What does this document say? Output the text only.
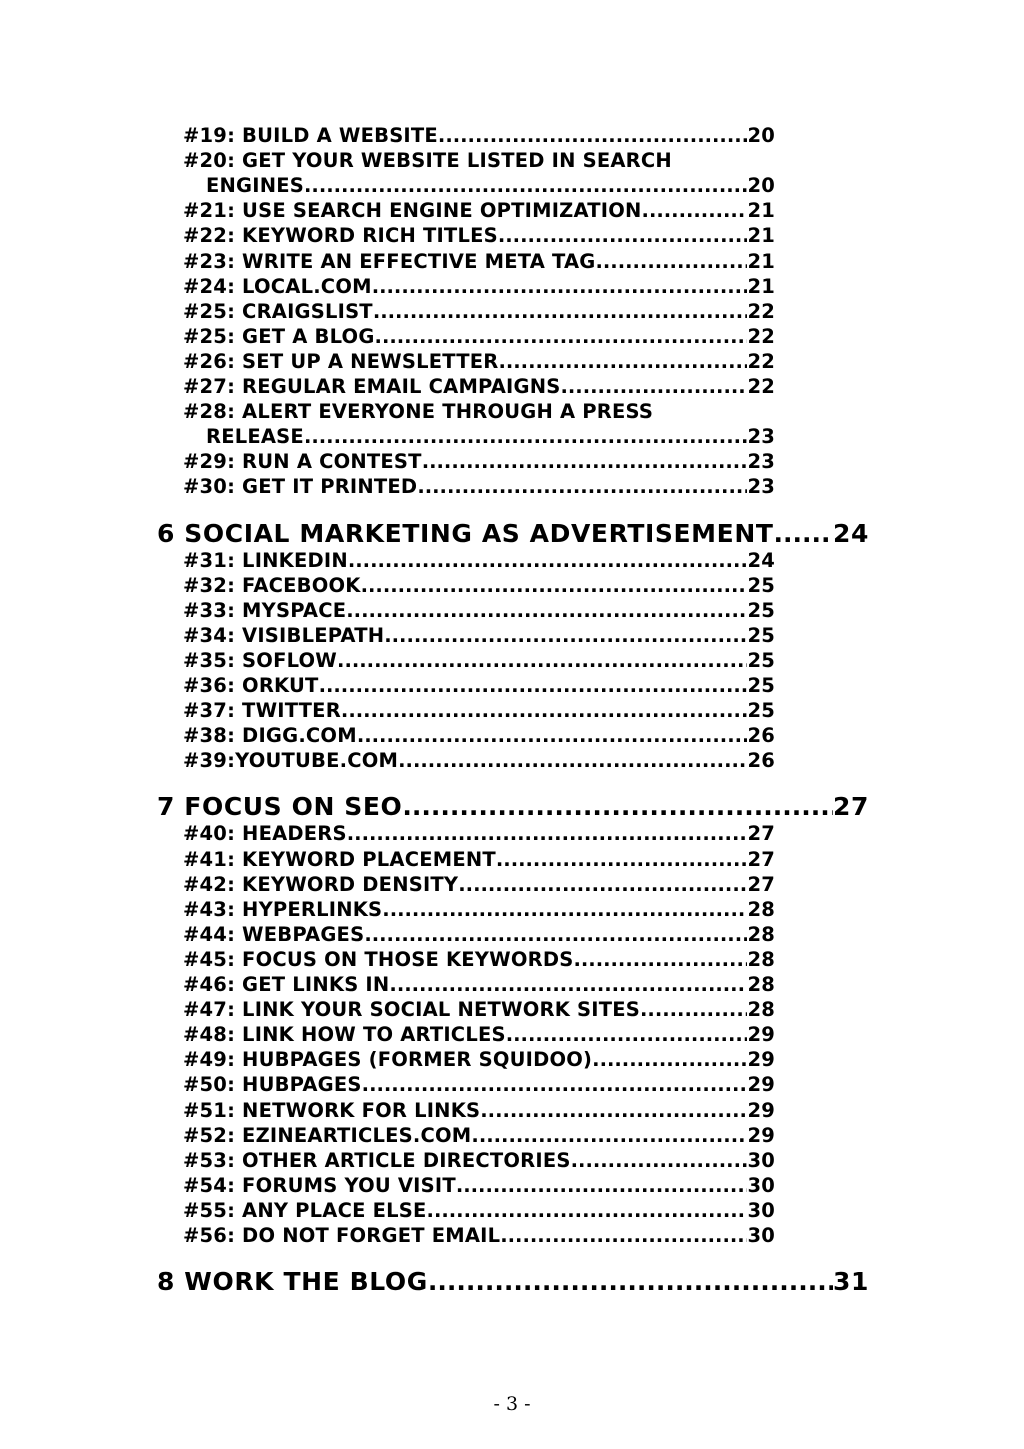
#19: BUILD A WEBSITE .....	20
#20: GET YOUR WEBSITE LISTED IN SEARCH
ENGINES .....	20
#21: USE SEARCH ENGINE OPTIMIZATION .....	21
#22: KEYWORD RICH TITLES .....	21
#23: WRITE AN EFFECTIVE META TAG .....	21
#24: LOCAL.COM .....	21
#25: CRAIGSLIST .....	22
#25: GET A BLOG .....	22
#26: SET UP A NEWSLETTER .....	22
#27: REGULAR EMAIL CAMPAIGNS .....	22
#28: ALERT EVERYONE THROUGH A PRESS
RELEASE .....	23
#29: RUN A CONTEST .....	23
#30: GET IT PRINTED .....	23
6 SOCIAL MARKETING AS ADVERTISEMENT ..... 24
#31: LINKEDIN .....	24
#32: FACEBOOK .....	25
#33: MYSPACE .....	25
#34: VISIBLEPATH .....	25
#35: SOFLOW .....	25
#36: ORKUT .....	25
#37: TWITTER .....	25
#38: DIGG.COM .....	26
#39:YOUTUBE.COM .....	26
7 FOCUS ON SEO .....	27
#40: HEADERS .....	27
#41: KEYWORD PLACEMENT .....	27
#42: KEYWORD DENSITY .....	27
#43: HYPERLINKS .....	28
#44: WEBPAGES .....	28
#45: FOCUS ON THOSE KEYWORDS .....	28
#46: GET LINKS IN .....	28
#47: LINK YOUR SOCIAL NETWORK SITES .....	28
#48: LINK HOW TO ARTICLES .....	29
#49: HUBPAGES (FORMER SQUIDOO) .....	29
#50: HUBPAGES .....	29
#51: NETWORK FOR LINKS .....	29
#52: EZINEARTICLES.COM .....	29
#53: OTHER ARTICLE DIRECTORIES .....	30
#54: FORUMS YOU VISIT .....	30
#55: ANY PLACE ELSE .....	30
#56: DO NOT FORGET EMAIL .....	30
8 WORK THE BLOG .....	31
- 3 -
